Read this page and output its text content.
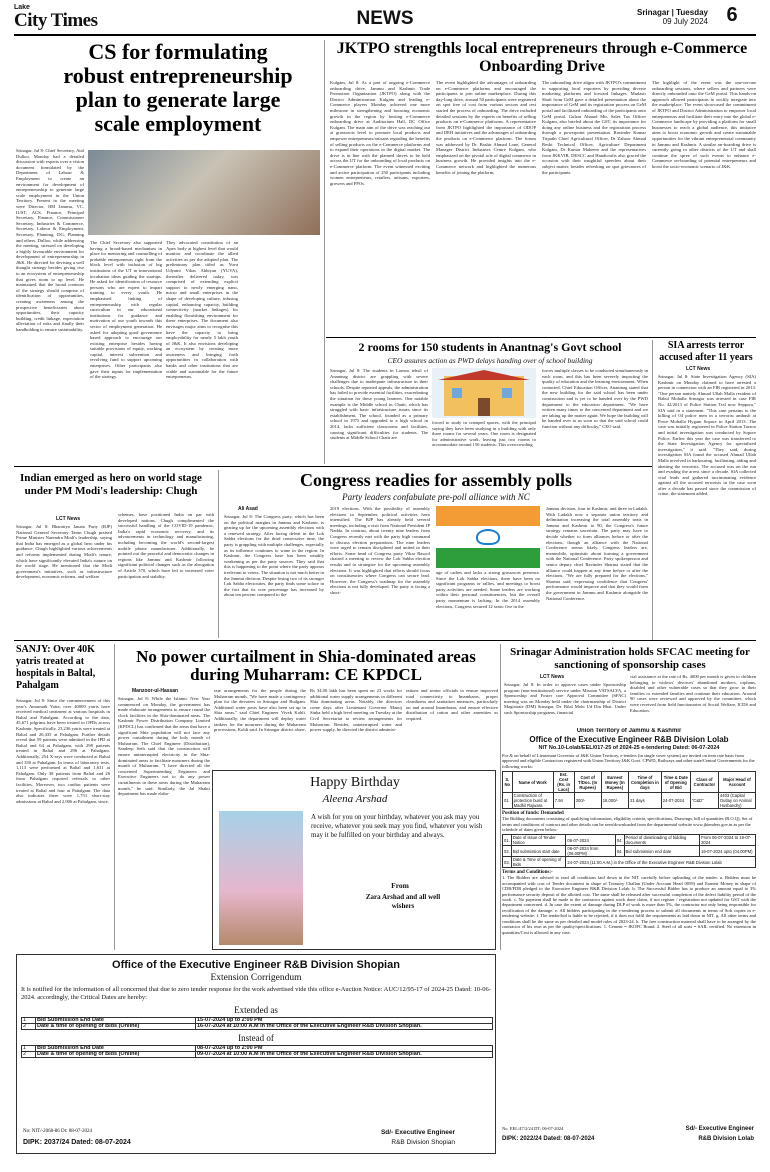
Lake
City Times	NEWS	Srinagar | Tuesday
09 July 2024 6
CS for formulating robust entrepreneurship plan to generate large scale employment
Srinagar, Jul 8: Chief Secretary, Atal Dulloo, Monday had a detailed discussion with experts over a vision document formulated by the Department of Labour & Employment to create an environment for development of entrepreneurship to generate large scale employment in the Union Territory. Present in the meeting were Director, IIM Jammu, VC, IUST, ACS, Finance, Principal Secretary, Finance, Commissioner Secretary, Industries & Commerce, Secretary, Labour & Employment, Secretary, Planning, DG, Planning and others. Dulloo, while addressing the meeting, stressed on developing a highly favourable environment for development of entrepreneurship in J&K. He directed for devising a well thought strategy besides giving rise to an ecosystem of entrepreneurship that gives room to up level. He maintained that the broad contours of the strategy should comprise of identification of opportunities, creating awareness among the prospective beneficiaries about opportunities, their capacity building, credit linkage, expectation alleviation of risks and finally their handholding to ensure sustainability.
The Chief Secretary also supported having a broad-based mechanism in place for mentoring and counselling of probable entrepreneurs right from the block level with inclusion of big institutions of the UT in innovational incubation ideas guiding the startups. He asked for identification of resource persons who are expert to impart training to every youth. He emphasised linking of entrepreneurship with regular curriculum in our educational institutions for guidance and motivation of our youth towards this sector of employment generation. He asked for adopting good governance based approach to encourage our existing enterprise besides having suitable provisions of equity, working capital, interest subvention and revolving fund to support upcoming enterprises. Other participants also gave their inputs for implementation of the strategy.
They advocated constitution of an Apex body at highest level that would monitor and coordinate the allied activities as per the adopted plan. The preliminary plan titled as Yuva Udyami Vikas Abhiyan (YUVA), thereafter delivered today, was comprised of extending explicit support to newly emerging nano, micro and small enterprises in the shape of developing culture, infusing capital, enhancing capacity, building connectivity (market linkages) for enabling flourishing environment for these enterprises. The document also envisages major aims to recognise this have the capacity to bring employability for nearly 5 lakh youth of J&K. It also envisions developing an ecosystem by creating more awareness and bringing forth opportunities in collaboration with banks and other institutions that are viable and sustainable for the future entrepreneurs.
JKTPO strengthls local entrepreneurs through e-Commerce Onboarding Drive
Kulgam, Jul 8: As a part of ongoing e-Commerce onboarding drive, Jammu and Kashmir Trade Promotion Organization (JKTPO) along with the District Administration Kulgam and leading e-Commerce players Monday achieved one more milestone in strengthening and boosting economic growth in the region by hosting e-Commerce onboarding drive at Auditorium Hall, DC Office Kulgam. The main aim of the drive was reaching out at grassroots level to promote local products and empower entrepreneurs/artisans regarding the benefits of selling products on the e-Commerce platforms and to expand their operations in the digital market. The drive is in line with the planned drives to be held across the UT for the onboarding of local products on e-Commerce platform. The event witnessed exciting and active participation of 250 participants including women entrepreneurs, retailers, artisans, exporters, growers and FPOs.
The event highlighted the advantages of onboarding on e-Commerce platforms and encouraged the participants to join online marketplace. During this day-long drive, around 50 participants were registered on spot free of cost from various sectors and rest started the process of onboarding. The drive included detailed sessions by the experts on benefits of selling products on e-Commerce platforms. A representative from JKTPO highlighted the importance of ODOP and DEH initiatives and the advantages of onboarding the products on e-Commerce platform. The forum was addressed by Dr. Bashir Ahmad Lone, General Manager District Industries Centre Kulgam, who emphasized on the pivotal role of digital commerce in business growth. He provided insights into the e-Commerce network and highlighted the numerous benefits of joining the platform.
The onboarding drive aligns with JKTPO's commitment to supporting local exporters by providing diverse marketing platforms and forward linkages. Mudasir Shafi from GeM gave a detailed presentation about the importance of GeM and its registration process on GeM portal and facilitated onboarding of the participants onto GeM portal. Gulzar Ahmad Mir, Sales Tax Officer Kulgam, also briefed about the GST, its importance for doing any online business and the registration process through a powerpoint presentation. Ravinder Kumar Tripathi Chief Agricultural Officer, Dr Zahoor Ahmad Reshi Technical Officer, Agriculture Department Kulgam, Dr Kumar Maheem and the representatives from JKKVIB, DESCC and Handicrafts also graced the occasion with their insightful speeches about their subject matter, besides refreshing on spot grievances of the participants.
The highlight of the event was the one-on-one onboarding sessions, where sellers and partners were directly onboarded onto the GeM portal. This hands-on approach allowed participants to swiftly integrate into the marketplace. The event showcased the commitment of JKTPO and District Administration to empower local entrepreneurs and facilitate their entry into the global e-Commerce landscape by providing a platform for small businesses to reach a global audience, this initiative aims to boost economic growth and create sustainable opportunities for the vibrant entrepreneurial community in Jammu and Kashmir. A similar on-boarding drive is currently going in other districts of the UT and shall continue the spree of such events to enhance e-Commerce on-boarding of potential entrepreneurs and boost the socio-economic scenario of J&K.
2 rooms for 150 students in Anantnag's Govt school
CEO assures action as PWD delays handing over of school building
Srinagar, Jul 8: The students in Larnoo tehsil of Anantnag district are grappling with severe challenges due to inadequate infrastructure in their schools. Despite repeated appeals, the administration has failed to provide essential facilities, exacerbating the situation for these young learners. One notable example is the Middle school in Chatti, which has struggled with basic infrastructure issues since its establishment. The school, founded as a primary school in 1975 and upgraded to a high school in 2014, lacks sufficient classrooms and facilities, causing significant difficulties for students. The students at Middle School Chatti are
forced to study in cramped spaces, with the principal saying they have been studying in a building with only three rooms for several years. One room is designated for administrative work, leaving just two rooms to accommodate around 150 students. This overcrowding
forces multiple classes to be conducted simultaneously in each room, and this has been severely impacting the quality of education and the learning environment. When contacted, Chief Education Officer, Anantnag stated that the new building for the said school has been under construction and is yet to be handed over by the PWD department to the education department. "We have written many times to the concerned department and we are taking up the matter again. We hope the building will be handed over to us soon so that the said school could function without any difficulty," CEO said.
SIA arrests terror accused after 11 years
LCT News
Srinagar, Jul 8: State Investigation Agency (SIA) Kashmir on Monday claimed to have arrested a person in connection with an FIR registered in 2013. "One person namely Ahmad Ullah Malla resident of Babul Mohalla Srinagar was arrested in case FIR No. 42/2013 of Police Station Tral now Seppora," SIA said in a statement. "This case pertains to the killing of 04 police men in a terrorist ambush at Powe Mohalla Hygam Sopore in April 2013. The case was initially registered in Police Station Tarzoo and initial investigation was conducted by Sopore Police. Earlier this year the case was transferred to the State Investigation Agency for specialized investigation," it said. "They said, during investigation SIA found the accused Ahmad Ullah Malla involved in harbouring, facilitating, aiding and abetting the terrorists. The accused was on the run and evading the arrest since a decade. SIA collected vital leads and gathered incriminating evidence against all the accused terrorists in the case soon after a decade has passed since the commission of crime, the statement added.
Indian emerged as hero on world stage under PM Modi's leadership: Chugh
LCT News
Srinagar, Jul 8: Bharatiya Janata Party (BJP) National General Secretary Tarun Chugh praised Prime Minister Narendra Modi's leadership, saying that India has emerged as a global hero under his guidance. Chugh highlighted various achievements and reforms implemented during Modi's tenure, which have significantly elevated India's stature on the world stage. He mentioned that the Modi government's initiatives, such as infrastructure development, economic reforms, and welfare
schemes, have positioned India on par with developed nations. Chugh complimented the successful handling of the COVID-19 pandemic, India's rapid economic recovery, and its advancements in technology and manufacturing, including becoming the world's second-largest mobile phone manufacturer. Additionally, he pointed out the peaceful and democratic changes in regions like Jammu and Kashmir following significant political changes such as the abrogation of Article 370, which have led to increased voter participation and stability.
Congress readies for assembly polls
Party leaders confabulate pre-poll alliance with NC
Ali Asad
Srinagar, Jul 8: The Congress party, which has been on the political margins in Jammu and Kashmir, is gearing up for the upcoming assembly elections with a renewed strategy. After facing defeat in the Lok Sabha elections for the third consecutive time, the party is grappling with multiple challenges, especially as its influence continues to wane in the region. In Kashmir, the Congress base has been steadily weakening as per the party sources. They said that this is happening to the point where the party appears irrelevant to voters. The situation is not much better in the Jammu division. Despite losing two of its stronger Lok Sabha electorates, the party finds some solace in the fact that its vote percentage has increased by about ten percent compared to the
2019 elections. With the possibility of assembly elections in September, political activities have intensified. The BJP has already held several meetings, including a visit from National President JP Nadda. In contrast, about twenty nine leaders from Congress recently met with the party high command to discuss election preparations. The nine leaders were urged to remain disciplined and united in their efforts. Some head of Congress party Vikar Rasool chaired a meeting to review the Lok Sabha election results and to strategize for the upcoming assembly elections. It was highlighted that efforts should focus on constituencies where Congress can secure lead. However, the Congress's roadmap for the assembly elections is not fully developed. The party is facing a short-
age of cadres and lacks a strong grassroots presence. Since the Lok Sabha elections, there have been no significant programs or rallies, and meetings to boost party activities are needed. Some leaders are working within their personal constituencies, but the overall party momentum is lacking. In the 2014 assembly elections, Congress secured 12 seats: five in the
Jammu division, four in Kashmir, and three in Ladakh. With Ladakh now a separate union territory and delimitation increasing the total assembly seats in Jammu and Kashmir to 90, the Congress's future strategy remains uncertain. The party may have to decide whether to form alliances before or after the elections, though an alliance with the National Conference seems likely. Congress leaders are, meanwhile, optimistic about forming a government with the National Conference. Party spokesperson and senior deputy chief Ravinder Sharma stated that the alliance could happen at any time before or after the elections. "We are fully prepared for the elections," Sharma said, expressing confidence that Congress' performance would improve and that they would form the government in Jammu and Kashmir alongside the National Conference.
SANJY: Over 40K yatris treated at hospitals in Baltal, Pahalgam
Srinagar, Jul 8: Since the commencement of this year's Amarnath Yatra, over 40000 yatris have received medical treatment at various hospitals in Baltal and Pahalgam. According to the data, 45,671 pilgrims have been treated in OPDs across Kashmir. Specifically, 23,236 yatris were treated at Baltal and 20,435 at Pahalgam. Further details reveal that 59 patients were admitted in the IPD at Baltal and 64 at Pahalgam, with 298 patients treated in Baltal and 296 at Pahalgam. Additionally, 254 X-rays were conducted at Baltal and 330 at Pahalgam. In terms of laboratory tests, 1,113 were performed at Baltal and 1,631 at Pahalgam. Only 38 patients from Baltal and 26 from Pahalgam required referrals to other facilities. Moreover, two cardiac patients were treated at Baltal and four at Pahalgam. The data also indicates there were 1,751 short-stay admissions at Baltal and 2,906 at Pahalgam, since.
No power curtailment in Shia-dominated areas during Muharram: CE KPDCL
Manzoor-ul-Hassan
Srinagar, Jul 8: While the Islamic New Year commenced on Monday, the government has made elaborate arrangements to ensure round the clock facilities in the Shia-dominated areas. The Kashmir Power Distribution Company Limited (KPDCL) has confirmed that the areas that have a significant Shia population will not face any power curtailment during the holy month of Muharram. The Chief Engineer (Distribution), Sandeep Seth said that the construction will ensure uninterrupted electricity in the Shia-dominated areas to facilitate mourners during the month of Muharram. "I have directed all the concerned Superintending Engineers and Executive Engineers not to do any power curtailments in these areas during the Muharram month," he said. Similarly, the Jal Shakti department has made elabo-
rate arrangements for the people during the Muharram month. "We have made a contingency plan for the devotees in Srinagar and Budgam. Additional water posts have also been set up in Shia areas," said Chief Engineer Vivek Kohli. Additionally, the department will deploy water tankers for the mourners during the Muharram processions, Kohli said. In Srinagar district alone,
Rs 34.00 lakh has been spent on 23 works for additional water supply arrangements in different Shia dominating areas. Notably, the directors come days after Lieutenant Governor Manoj Sinha held a high level meeting on Tuesday at the Civil Secretariat to review arrangements for Muharram. Besides, uninterrupted water and power supply, he directed the district administ-
rations and senior officials to ensure improved road connectivity to Imambaras, proper cleanliness and sanitation measures, particularly on and around Imambaras, and ensure effective distribution of ration and other amenities as required.
Happy Birthday
Aleena Arshad
A wish for you on your birthday, whatever you ask may you receive, whatever you seek may you find, whatever you wish may it be fulfilled on your birthday and always.
From
Zara Arshad and all well wishers
Srinagar Administration holds SFCAC meeting for sanctioning of sponsorship cases
LCT News
Srinagar, Jul 8: In order to approve cases under Sponsorship program (non-institutional) service under Mission VATSALYA, a Sponsorship and Foster care Approval Committee (SFAC) meeting was on Monday held under the chairmanship of District Magistrate (DM) Srinagar, Dr. Bilal Mohi Ud Din Bhat. Under such Sponsorship programs, financial
cial assistance at the rate of Rs. 4000 per month is given to children belonging to widows' divorces' abandoned mothers, orphans, disabled and other vulnerable cases so that they grow in their families or extended families and continue their education. Around 90 cases were reviewed and approved by the committee, which were received from field functionaries of Social Welfare, ICDS and Education.
Union Territory of Jammu & Kashmir
Office of the Executive Engineer R&B Division Lolab
NIT No.10-Lolab/EEL/017-25 of 2024-25 e-tendering Dated: 06-07-2024
For & on behalf of Lieutenant Governor of J&K Union Territory, e-tenders (in single cover system) are invited on item rate basis from approved and eligible Contractors registered with Union Territory J&K Govt. CPWD, Railways and other state/Central Governments for the following works:
S. No	Name of Work	Est. Cost (Rs. in Lacs)	Cost of T/Doc. (In Rupees)	Earnest Money (In Rupees)	Time of Completion in days	Time & Date of Opening of Bid	Class of Contractor	Major Head of Account
01	Construction of protection bund at Madhil Rajwara	7.94	300/-	16,000/-	21 days	24-07-2024	"C&D"	4403 (Capital Outlay on Animal Husbandry)
Position of funds: Demanded
The Bidding documents consisting of qualifying information, eligibility criteria, specifications, Drawings, bill of quantities (B.O.Q), Set of terms and conditions of contract and other details can be seen/downloaded from the departmental website www.jktenders.gov.in as per the schedule of dates given below:
01.	Date of issue of Tender Notice	06-07-2024	04.	Period of downloading of bidding documents	From 06-07-2024 to 19-07-2024
02.	Bid submission start date	06-07-2024 from (06.00PM)	04.	Bid submission end date	19-07-2024 upto (04.00PM)
03.	Date & Time of opening of Bids	24-07-2024 (11:00 A.M.) in the Office of the Executive Engineer R&B Division Lolab			
Terms and Conditions:-
1. The Bidders are advised to read all conditions laid down in the NIT carefully before uploading of the tender. a. Bidders must be accompanied with cost of Tender document in shape of Treasury Challan (Under Account Head 0059) and Earnest Money in shape of CDR/FDR pledged to the Executive Engineer R&B Division Lolab. b. The Successful Bidder has to produce an amount equal to 3% performance security deposit of the allotted cost. The same shall be released after successful completion of the defect liability period of the work. c. No payment shall be made to the contractor against work done claim, if not register / registration not updated for GST with the department concerned. d. In case the extent of damage during DLP of work is more than 5%, the contractor not only being responsible for rectification of the damage. e. All bidders participating in the e-tendering process to submit all documents in terms of Soft copies in e-tendering website. f. The tender/bid is liable to be rejected, if it does not fulfil the requirements as laid down in NIT. g. All other terms and conditions shall be the same as per detailed and model rules of 2023-24. h. The free construction material shall have to be arranged by the contractor of his own as per the quality/specifications. 1. Cement = JKOPC Brand. 2. Steel of all sorts = SAIL certified. No extension in quantities/Cost is allowed in any case.
No. EEL/47/2/24 DT: 06-07-2024
DIPK: 2022/24 Dated: 08-07-2024
Sd/- Executive Engineer
R&B Division Lolab
Office of the Executive Engineer R&B Division Shopian
Extension Corrigendum
It is notified for the information of all concerned that due to zero tender response for the work advertised vide this office e-Auction Notice: AUC/12/95-17 of 2024-25 Dated: 10-06-2024. accordingly, the Critical Dates are hereby:
Extended as
1	Bid Submission End Date	15-07-2024 up to 2:00 PM
2	Date & time of opening of Bids (Online)	16-07-2024 at 10:00 A.M in the Office of the Executive Engineer R&B Division Shopian.
Instead of
1	Bid Submission End Date	08-07-2024 up to 2:00 PM
2	Date & time of opening of Bids (Online)	09-07-2024 at 10:00 A.M in the Office of the Executive Engineer R&B Division Shopian.
No: NIT/-2068-86 Dt: 08-07-2024
DIPK: 2037/24 Dated: 08-07-2024
Sd/- Executive Engineer
R&B Division Shopian
